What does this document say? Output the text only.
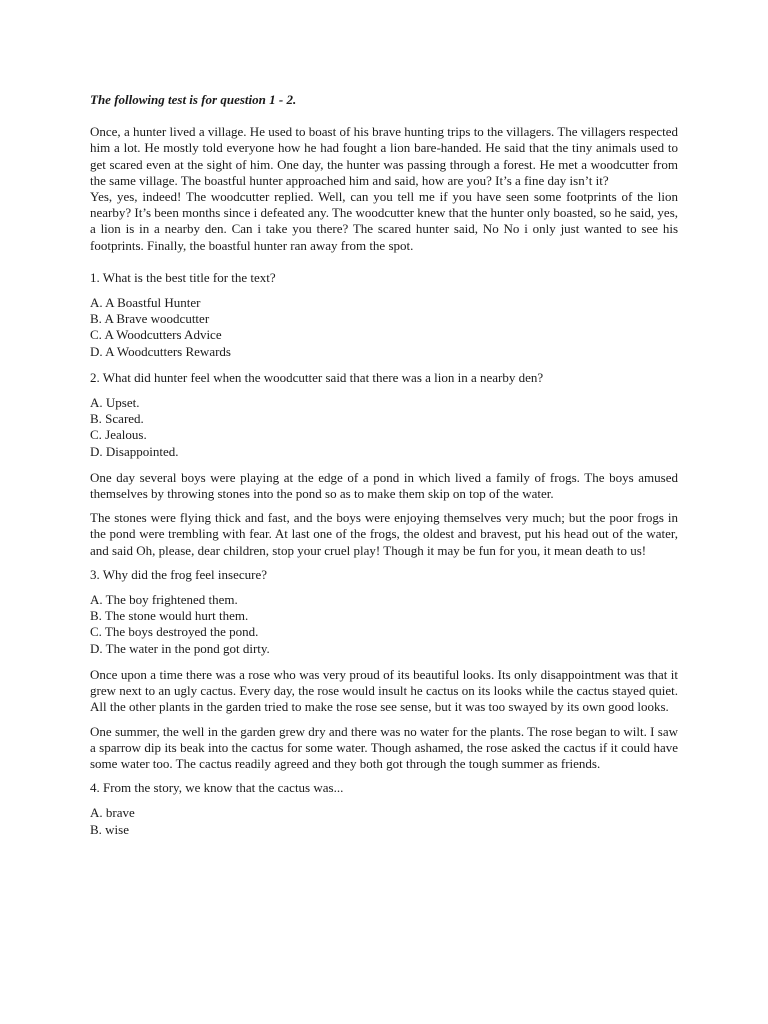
The following test is for question 1 - 2.

Once, a hunter lived a village. He used to boast of his brave hunting trips to the villagers. The villagers respected him a lot. He mostly told everyone how he had fought a lion bare-handed. He said that the tiny animals used to get scared even at the sight of him. One day, the hunter was passing through a forest. He met a woodcutter from the same village. The boastful hunter approached him and said, how are you? It’s a fine day isn’t it?

Yes, yes, indeed! The woodcutter replied. Well, can you tell me if you have seen some footprints of the lion nearby? It’s been months since i defeated any. The woodcutter knew that the hunter only boasted, so he said, yes, a lion is in a nearby den. Can i take you there? The scared hunter said, No No i only just wanted to see his footprints. Finally, the boastful hunter ran away from the spot.

1. What is the best title for the text?

A. A Boastful Hunter
B. A Brave woodcutter
C. A Woodcutters Advice
D. A Woodcutters Rewards

2. What did hunter feel when the woodcutter said that there was a lion in a nearby den?

A. Upset.
B. Scared.
C. Jealous.
D. Disappointed.

One day several boys were playing at the edge of a pond in which lived a family of frogs. The boys amused themselves by throwing stones into the pond so as to make them skip on top of the water.

The stones were flying thick and fast, and the boys were enjoying themselves very much; but the poor frogs in the pond were trembling with fear. At last one of the frogs, the oldest and bravest, put his head out of the water, and said Oh, please, dear children, stop your cruel play! Though it may be fun for you, it mean death to us!

3. Why did the frog feel insecure?

A. The boy frightened them.
B. The stone would hurt them.
C. The boys destroyed the pond.
D. The water in the pond got dirty.

Once upon a time there was a rose who was very proud of its beautiful looks. Its only disappointment was that it grew next to an ugly cactus. Every day, the rose would insult he cactus on its looks while the cactus stayed quiet. All the other plants in the garden tried to make the rose see sense, but it was too swayed by its own good looks.

One summer, the well in the garden grew dry and there was no water for the plants. The rose began to wilt. I saw a sparrow dip its beak into the cactus for some water. Though ashamed, the rose asked the cactus if it could have some water too. The cactus readily agreed and they both got through the tough summer as friends.

4. From the story, we know that the cactus was...

A. brave
B. wise
